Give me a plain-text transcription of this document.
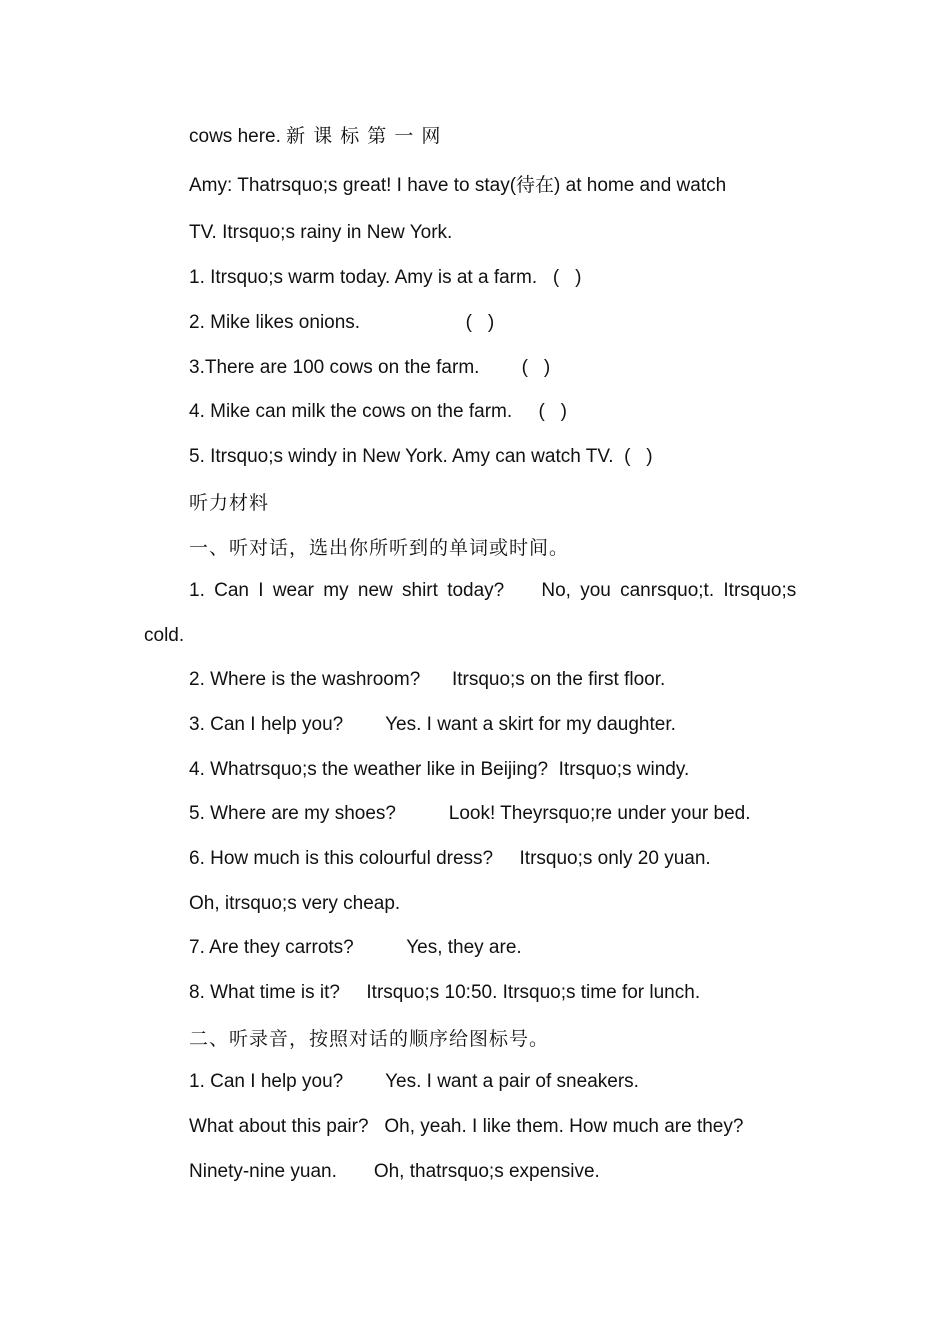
cows here. 新 课 标 第 一 网

Amy: Thatrsquo;s great! I have to stay(待在) at home and watch

TV. Itrsquo;s rainy in New York.

1. Itrsquo;s warm today. Amy is at a farm.   (   )

2. Mike likes onions.                    (   )

3.There are 100 cows on the farm.        (   )

4. Mike can milk the cows on the farm.     (   )

5. Itrsquo;s windy in New York. Amy can watch TV.  (   )

听力材料

一、听对话，选出你所听到的单词或时间。

1. Can I wear my new shirt today?    No, you canrsquo;t. Itrsquo;s

cold.

2. Where is the washroom?      Itrsquo;s on the first floor.

3. Can I help you?        Yes. I want a skirt for my daughter.

4. Whatrsquo;s the weather like in Beijing?  Itrsquo;s windy.

5. Where are my shoes?          Look! Theyrsquo;re under your bed.

6. How much is this colourful dress?     Itrsquo;s only 20 yuan.

Oh, itrsquo;s very cheap.

7. Are they carrots?          Yes, they are.

8. What time is it?     Itrsquo;s 10:50. Itrsquo;s time for lunch.

二、听录音，按照对话的顺序给图标号。

1. Can I help you?        Yes. I want a pair of sneakers.

What about this pair?   Oh, yeah. I like them. How much are they?

Ninety-nine yuan.       Oh, thatrsquo;s expensive.
